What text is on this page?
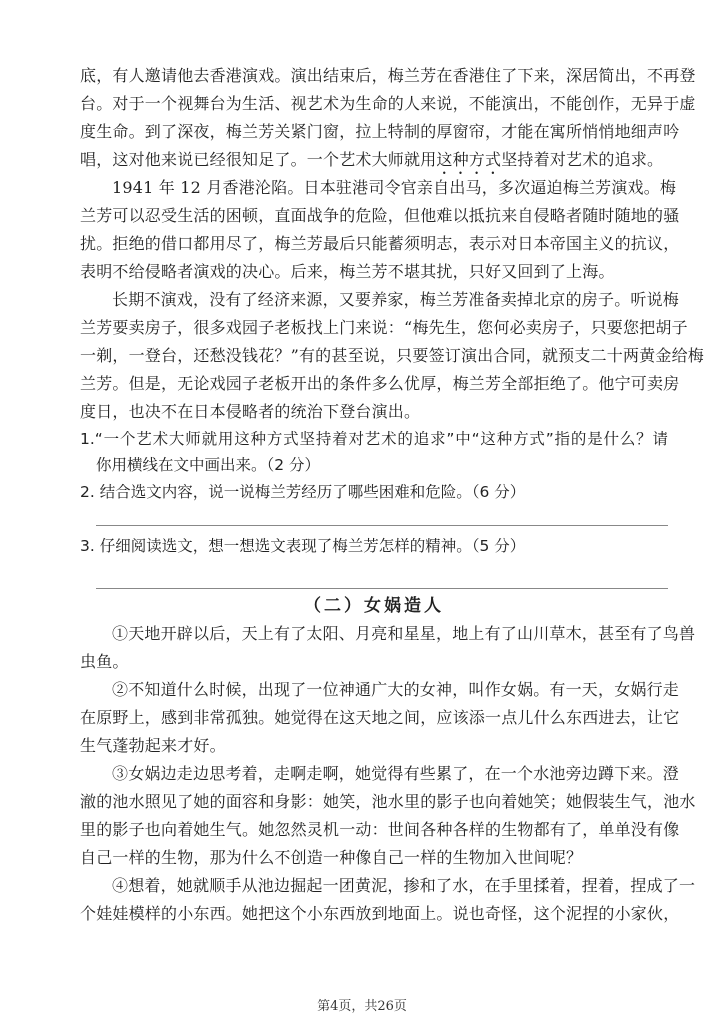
底，有人邀请他去香港演戏。演出结束后，梅兰芳在香港住了下来，深居简出，不再登
台。对于一个视舞台为生活、视艺术为生命的人来说，不能演出，不能创作，无异于虚
度生命。到了深夜，梅兰芳关紧门窗，拉上特制的厚窗帘，才能在寓所悄悄地细声吟
唱，这对他来说已经很知足了。一个艺术大师就用这种方式坚持着对艺术的追求。
1941 年 12 月香港沦陷。日本驻港司令官亲自出马，多次逼迫梅兰芳演戏。梅
兰芳可以忍受生活的困顿，直面战争的危险，但他难以抵抗来自侵略者随时随地的骚
扰。拒绝的借口都用尽了，梅兰芳最后只能蓄须明志，表示对日本帝国主义的抗议，
表明不给侵略者演戏的决心。后来，梅兰芳不堪其扰，只好又回到了上海。
长期不演戏，没有了经济来源，又要养家，梅兰芳准备卖掉北京的房子。听说梅
兰芳要卖房子，很多戏园子老板找上门来说：“梅先生，您何必卖房子，只要您把胡子
一剃，一登台，还愁没钱花？”有的甚至说，只要签订演出合同，就预支二十两黄金给梅
兰芳。但是，无论戏园子老板开出的条件多么优厚，梅兰芳全部拒绝了。他宁可卖房
度日，也决不在日本侵略者的统治下登台演出。
1.“一个艺术大师就用这种方式坚持着对艺术的追求”中“这种方式”指的是什么？请
你用横线在文中画出来。（2 分）
2. 结合选文内容，说一说梅兰芳经历了哪些困难和危险。（6 分）
3. 仔细阅读选文，想一想选文表现了梅兰芳怎样的精神。（5 分）
（二）女娲造人
①天地开辟以后，天上有了太阳、月亮和星星，地上有了山川草木，甚至有了鸟兽
虫鱼。
②不知道什么时候，出现了一位神通广大的女神，叫作女娲。有一天，女娲行走
在原野上，感到非常孤独。她觉得在这天地之间，应该添一点儿什么东西进去，让它
生气蓬勃起来才好。
③女娲边走边思考着，走啊走啊，她觉得有些累了，在一个水池旁边蹲下来。澄
澈的池水照见了她的面容和身影：她笑，池水里的影子也向着她笑；她假装生气，池水
里的影子也向着她生气。她忽然灵机一动：世间各种各样的生物都有了，单单没有像
自己一样的生物，那为什么不创造一种像自己一样的生物加入世间呢？
④想着，她就顺手从池边掘起一团黄泥，掺和了水，在手里揉着，捏着，捏成了一
个娃娃模样的小东西。她把这个小东西放到地面上。说也奇怪，这个泥捏的小家伙，
第4页，共26页
